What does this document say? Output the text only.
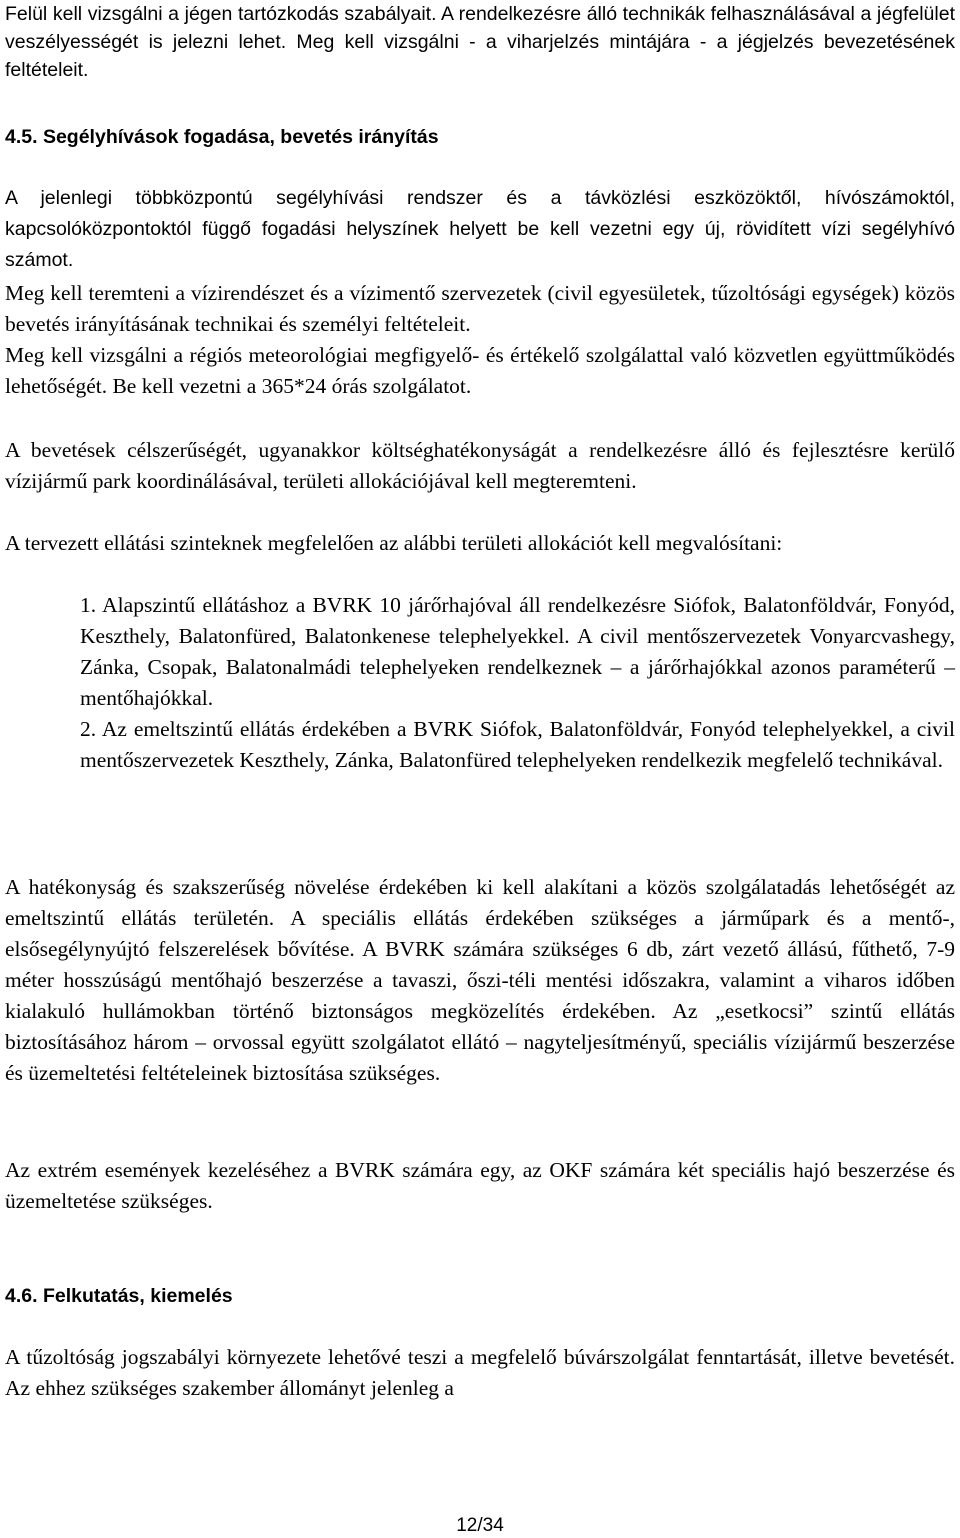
Felül kell vizsgálni a jégen tartózkodás szabályait. A rendelkezésre álló technikák felhasználásával a jégfelület veszélyességét is jelezni lehet. Meg kell vizsgálni - a viharjelzés mintájára - a jégjelzés bevezetésének feltételeit.

4.5. Segélyhívások fogadása, bevetés irányítás

A jelenlegi többközpontú segélyhívási rendszer és a távközlési eszközöktől, hívószámoktól, kapcsolóközpontoktól függő fogadási helyszínek helyett be kell vezetni egy új, rövidített vízi segélyhívó számot.

Meg kell teremteni a vízirendészet és a vízimentő szervezetek (civil egyesületek, tűzoltósági egységek) közös bevetés irányításának technikai és személyi feltételeit.

Meg kell vizsgálni a régiós meteorológiai megfigyelő- és értékelő szolgálattal való közvetlen együttműködés lehetőségét. Be kell vezetni a 365*24 órás szolgálatot.

A bevetések célszerűségét, ugyanakkor költséghatékonyságát a rendelkezésre álló és fejlesztésre kerülő vízijármű park koordinálásával, területi allokációjával kell megteremteni.

A tervezett ellátási szinteknek megfelelően az alábbi területi allokációt kell megvalósítani:

1. Alapszintű ellátáshoz a BVRK 10 járőrhajóval áll rendelkezésre Siófok, Balatonföldvár, Fonyód, Keszthely, Balatonfüred, Balatonkenese telephelyekkel. A civil mentőszervezetek Vonyarcvashegy, Zánka, Csopak, Balatonalmádi telephelyeken rendelkeznek – a járőrhajókkal azonos paraméterű – mentőhajókkal.
2. Az emeltszintű ellátás érdekében a BVRK Siófok, Balatonföldvár, Fonyód telephelyekkel, a civil mentőszervezetek Keszthely, Zánka, Balatonfüred telephelyeken rendelkezik megfelelő technikával.

A hatékonyság és szakszerűség növelése érdekében ki kell alakítani a közös szolgálatadás lehetőségét az emeltszintű ellátás területén. A speciális ellátás érdekében szükséges a járműpark és a mentő-, elsősegélynyújtó felszerelések bővítése. A BVRK számára szükséges 6 db, zárt vezető állású, fűthető, 7-9 méter hosszúságú mentőhajó beszerzése a tavaszi, őszi-téli mentési időszakra, valamint a viharos időben kialakuló hullámokban történő biztonságos megközelítés érdekében. Az „esetkocsi” szintű ellátás biztosításához három – orvossal együtt szolgálatot ellátó – nagyteljesítményű, speciális vízijármű beszerzése és üzemeltetési feltételeinek biztosítása szükséges.

Az extrém események kezeléséhez a BVRK számára egy, az OKF számára két speciális hajó beszerzése és üzemeltetése szükséges.

4.6. Felkutatás, kiemelés

A tűzoltóság jogszabályi környezete lehetővé teszi a megfelelő búvárszolgálat fenntartását, illetve bevetését. Az ehhez szükséges szakember állományt jelenleg a

12/34
